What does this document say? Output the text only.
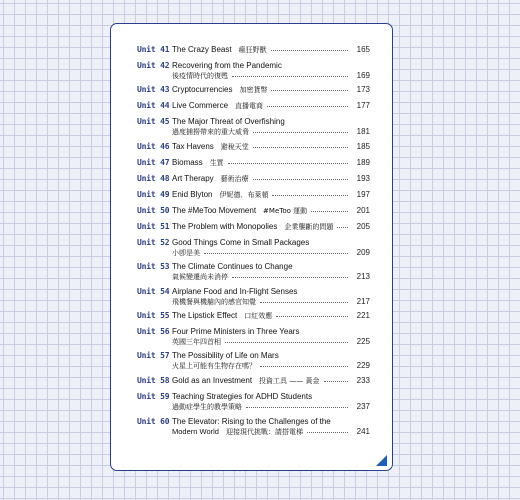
Unit 41 The Crazy Beast 瘋狂野獸	165
Unit 42 Recovering from the Pandemic
後疫情時代的復甦	169
Unit 43 Cryptocurrencies 加密貨幣	173
Unit 44 Live Commerce 直播電商	177
Unit 45 The Major Threat of Overfishing
過度捕撈帶來的重大威脅	181
Unit 46 Tax Havens 避稅天堂	185
Unit 47 Biomass 生質	189
Unit 48 Art Therapy 藝術治療	193
Unit 49 Enid Blyton 伊妮德．布萊頓	197
Unit 50 The #MeToo Movement #MeToo 運動	201
Unit 51 The Problem with Monopolies 企業壟斷的問題	205
Unit 52 Good Things Come in Small Packages
小卽是美	209
Unit 53 The Climate Continues to Change
氣候變遷尚未消停	213
Unit 54 Airplane Food and In-Flight Senses
飛機餐與機艙內的感官知覺	217
Unit 55 The Lipstick Effect 口紅效應	221
Unit 56 Four Prime Ministers in Three Years
英國三年四首相	225
Unit 57 The Possibility of Life on Mars
火星上可能有生物存在嗎？	229
Unit 58 Gold as an Investment 投資工具 —— 黃金	233
Unit 59 Teaching Strategies for ADHD Students
過動症學生的教學策略	237
Unit 60 The Elevator: Rising to the Challenges of the
Modern World 迎接現代挑戰：請搭電梯	241
